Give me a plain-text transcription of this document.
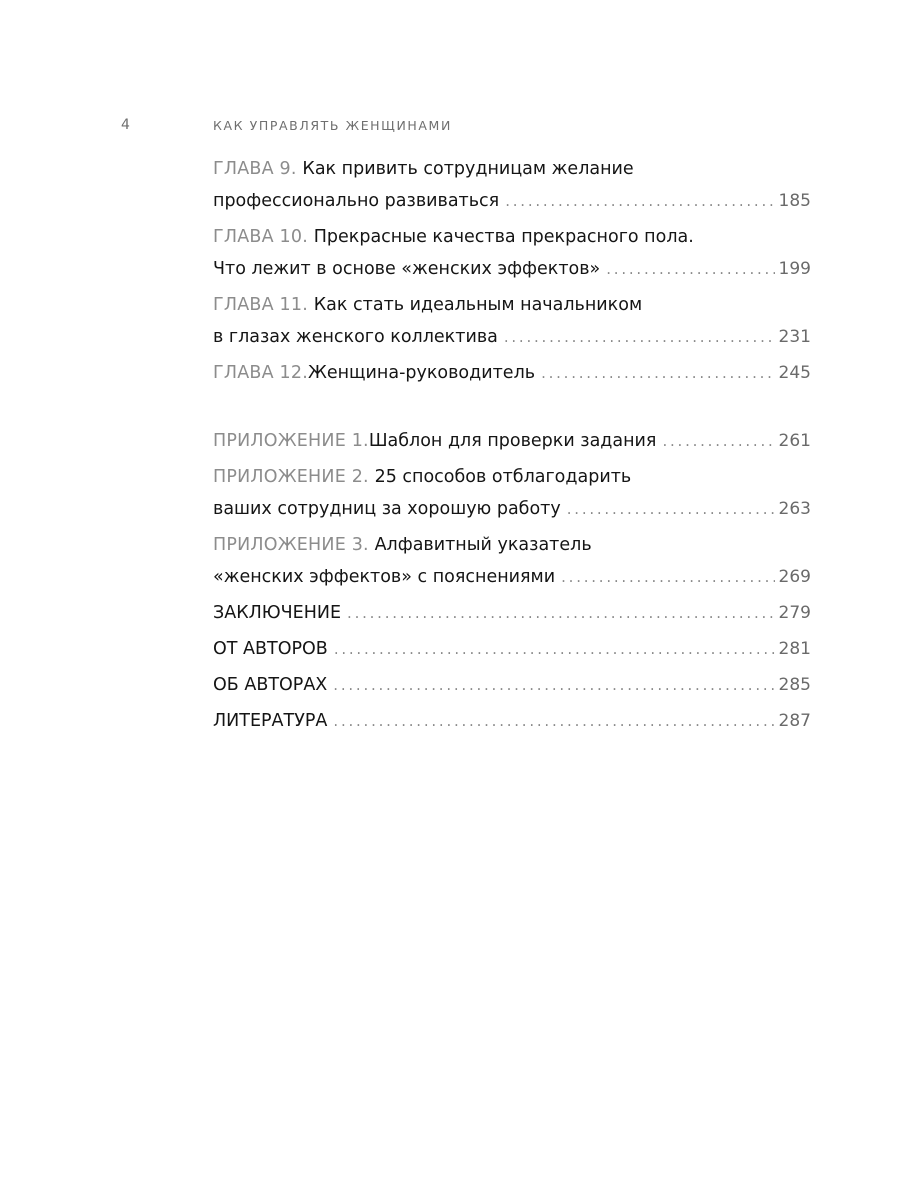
4	КАК УПРАВЛЯТЬ ЖЕНЩИНАМИ
ГЛАВА 9. Как привить сотрудницам желание
профессионально развиваться . . .	185
ГЛАВА 10. Прекрасные качества прекрасного пола.
Что лежит в основе «женских эффектов» . . .	199
ГЛАВА 11. Как стать идеальным начальником
в глазах женского коллектива . . .	231
ГЛАВА 12. Женщина-руководитель . . .	245
ПРИЛОЖЕНИЕ 1. Шаблон для проверки задания . . .	261
ПРИЛОЖЕНИЕ 2. 25 способов отблагодарить
ваших сотрудниц за хорошую работу . . .	263
ПРИЛОЖЕНИЕ 3. Алфавитный указатель
«женских эффектов» с пояснениями . . .	269
ЗАКЛЮЧЕНИЕ . . .	279
ОТ АВТОРОВ . . .	281
ОБ АВТОРАХ . . .	285
ЛИТЕРАТУРА . . .	287
